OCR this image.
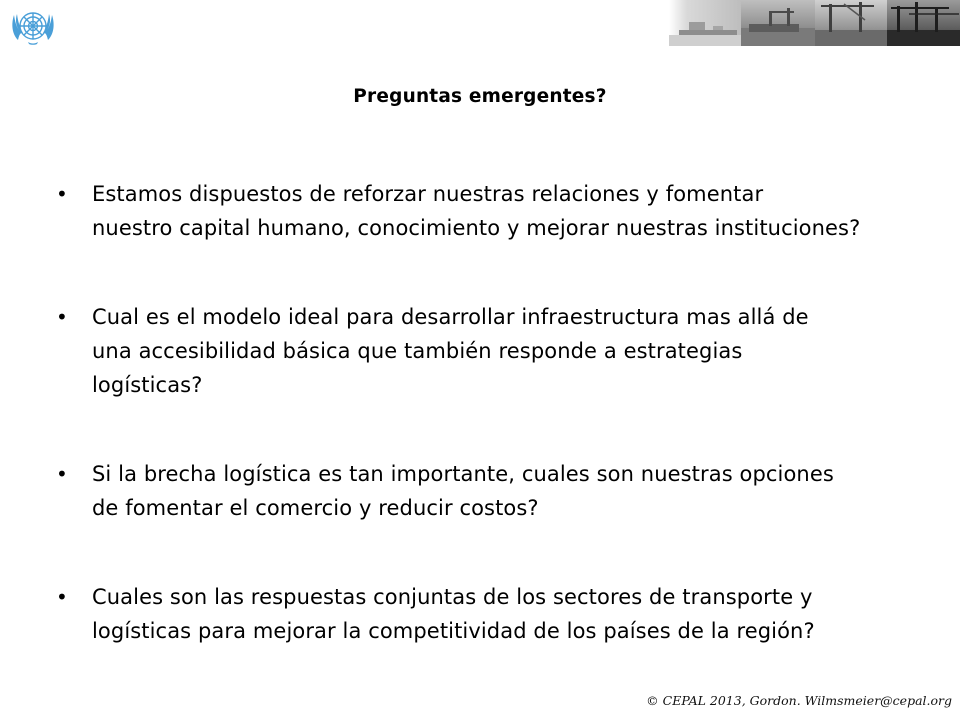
Preguntas emergentes?
• Estamos dispuestos de reforzar nuestras relaciones y fomentar
nuestro capital humano, conocimiento y mejorar nuestras instituciones?
• Cual es el modelo ideal para desarrollar infraestructura mas allá de
una accesibilidad básica que también responde a estrategias
logísticas?
• Si la brecha logística es tan importante, cuales son nuestras opciones
de fomentar el comercio y reducir costos?
• Cuales son las respuestas conjuntas de los sectores de transporte y
logísticas para mejorar la competitividad de los países de la región?
© CEPAL 2013, Gordon. Wilmsmeier@cepal.org
